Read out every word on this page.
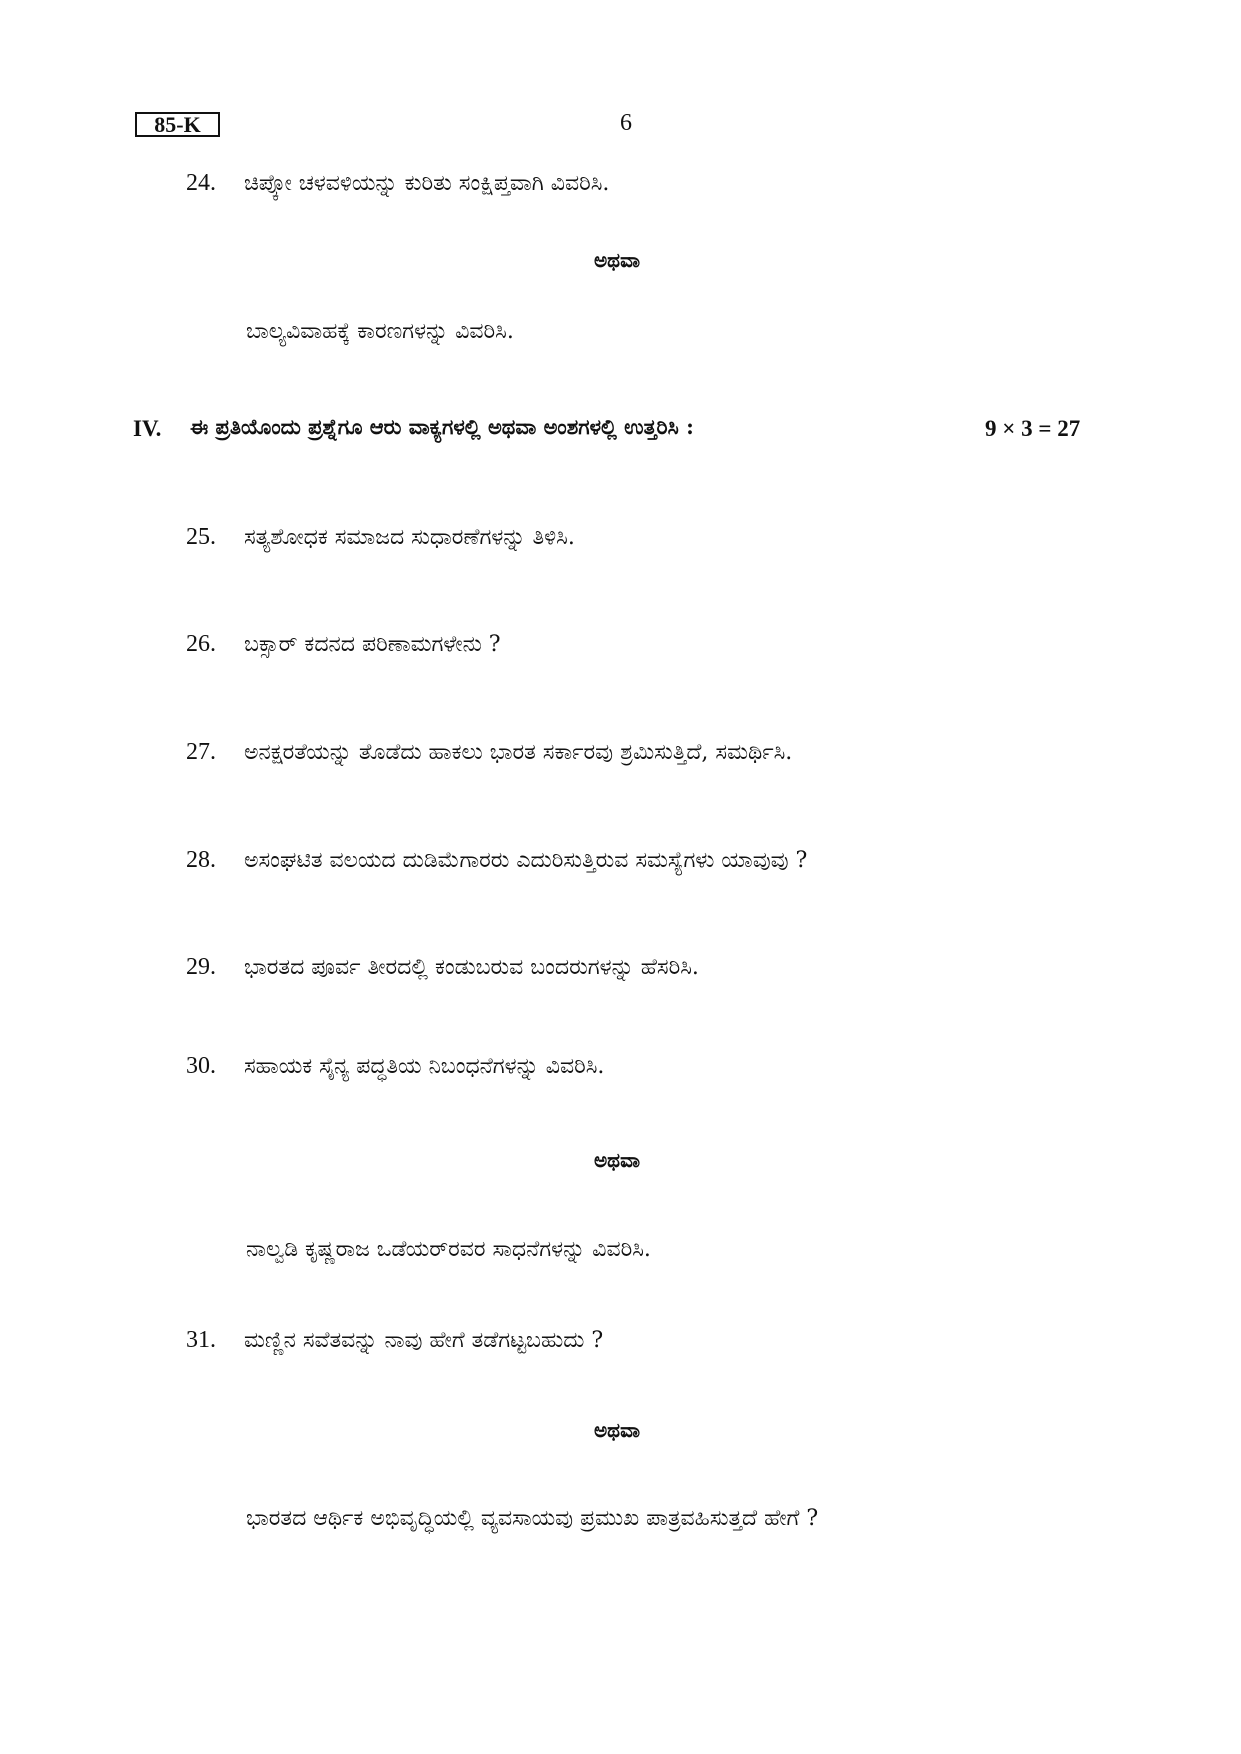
85-K	6
24. ಚಿಪ್ಕೋ ಚಳವಳಿಯನ್ನು ಕುರಿತು ಸಂಕ್ಷಿಪ್ತವಾಗಿ ವಿವರಿಸಿ.
ಅಥವಾ
ಬಾಲ್ಯವಿವಾಹಕ್ಕೆ ಕಾರಣಗಳನ್ನು ವಿವರಿಸಿ.
IV. ಈ ಪ್ರತಿಯೊಂದು ಪ್ರಶ್ನೆಗೂ ಆರು ವಾಕ್ಯಗಳಲ್ಲಿ ಅಥವಾ ಅಂಶಗಳಲ್ಲಿ ಉತ್ತರಿಸಿ :	9 × 3 = 27
25. ಸತ್ಯಶೋಧಕ ಸಮಾಜದ ಸುಧಾರಣೆಗಳನ್ನು ತಿಳಿಸಿ.
26. ಬಕ್ಸಾರ್ ಕದನದ ಪರಿಣಾಮಗಳೇನು ?
27. ಅನಕ್ಷರತೆಯನ್ನು ತೊಡೆದು ಹಾಕಲು ಭಾರತ ಸರ್ಕಾರವು ಶ್ರಮಿಸುತ್ತಿದೆ, ಸಮರ್ಥಿಸಿ.
28. ಅಸಂಘಟಿತ ವಲಯದ ದುಡಿಮೆಗಾರರು ಎದುರಿಸುತ್ತಿರುವ ಸಮಸ್ಯೆಗಳು ಯಾವುವು ?
29. ಭಾರತದ ಪೂರ್ವ ತೀರದಲ್ಲಿ ಕಂಡುಬರುವ ಬಂದರುಗಳನ್ನು ಹೆಸರಿಸಿ.
30. ಸಹಾಯಕ ಸೈನ್ಯ ಪದ್ಧತಿಯ ನಿಬಂಧನೆಗಳನ್ನು ವಿವರಿಸಿ.
ಅಥವಾ
ನಾಲ್ವಡಿ ಕೃಷ್ಣರಾಜ ಒಡೆಯರ್‌ರವರ ಸಾಧನೆಗಳನ್ನು ವಿವರಿಸಿ.
31. ಮಣ್ಣಿನ ಸವೆತವನ್ನು ನಾವು ಹೇಗೆ ತಡೆಗಟ್ಟಬಹುದು ?
ಅಥವಾ
ಭಾರತದ ಆರ್ಥಿಕ ಅಭಿವೃದ್ಧಿಯಲ್ಲಿ ವ್ಯವಸಾಯವು ಪ್ರಮುಖ ಪಾತ್ರವಹಿಸುತ್ತದೆ ಹೇಗೆ ?
